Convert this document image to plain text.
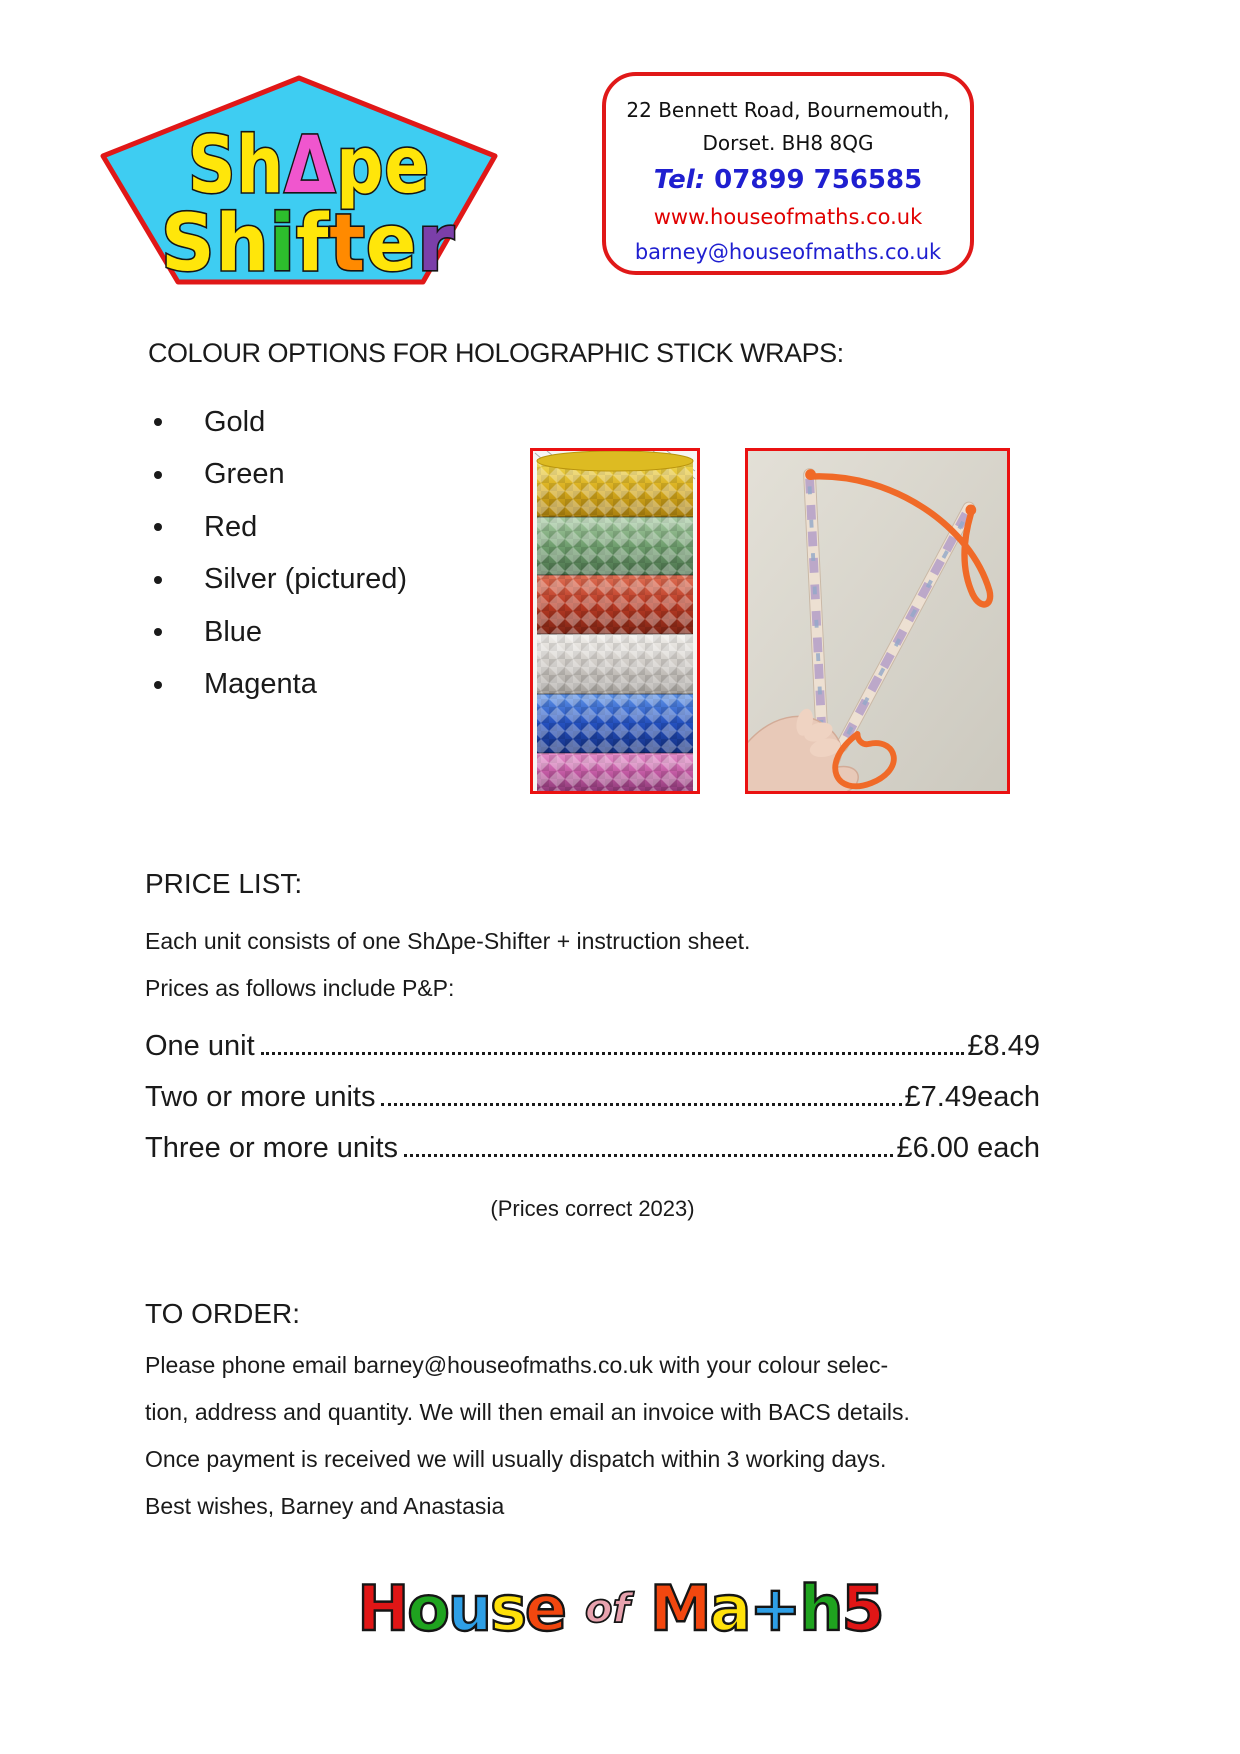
ShΔpe
Shifter
22 Bennett Road, Bournemouth,
Dorset. BH8 8QG
Tel: 07899 756585
www.houseofmaths.co.uk
barney@houseofmaths.co.uk
COLOUR OPTIONS FOR HOLOGRAPHIC STICK WRAPS:
Gold
Green
Red
Silver (pictured)
Blue
Magenta
PRICE LIST:
Each unit consists of one ShΔpe-Shifter + instruction sheet.
Prices as follows include P&P:
One unit	£8.49
Two or more units	£7.49each
Three or more units	£6.00 each
(Prices correct 2023)
TO ORDER:
Please phone email barney@houseofmaths.co.uk with your colour selec-
tion, address and quantity. We will then email an invoice with BACS details.
Once payment is received we will usually dispatch within 3 working days.
Best wishes, Barney and Anastasia
House of Ma+h5
